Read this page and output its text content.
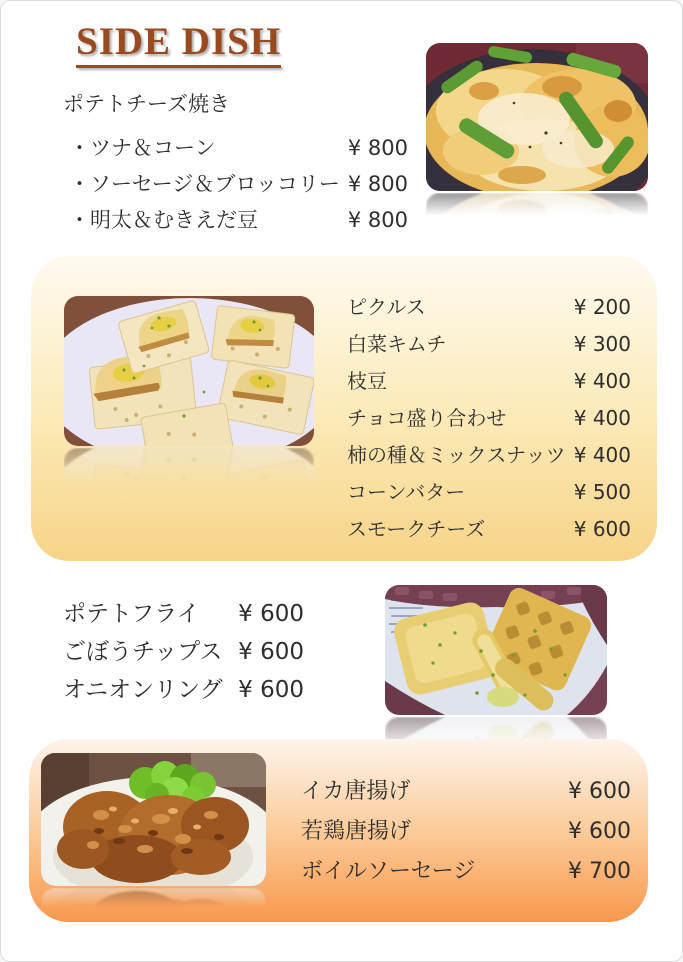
SIDE DISH
ポテトチーズ焼き
・ツナ＆コーン	¥ 800
・ソーセージ＆ブロッコリー ¥ 800
・明太＆むきえだ豆	¥ 800
ピクルス	¥ 200
白菜キムチ	¥ 300
枝豆	¥ 400
チョコ盛り合わせ	¥ 400
柿の種＆ミックスナッツ ¥ 400
コーンバター	¥ 500
スモークチーズ	¥ 600
ポテトフライ ¥ 600
ごぼうチップス ¥ 600
オニオンリング ¥ 600
イカ唐揚げ	¥ 600
若鶏唐揚げ	¥ 600
ボイルソーセージ	¥ 700
